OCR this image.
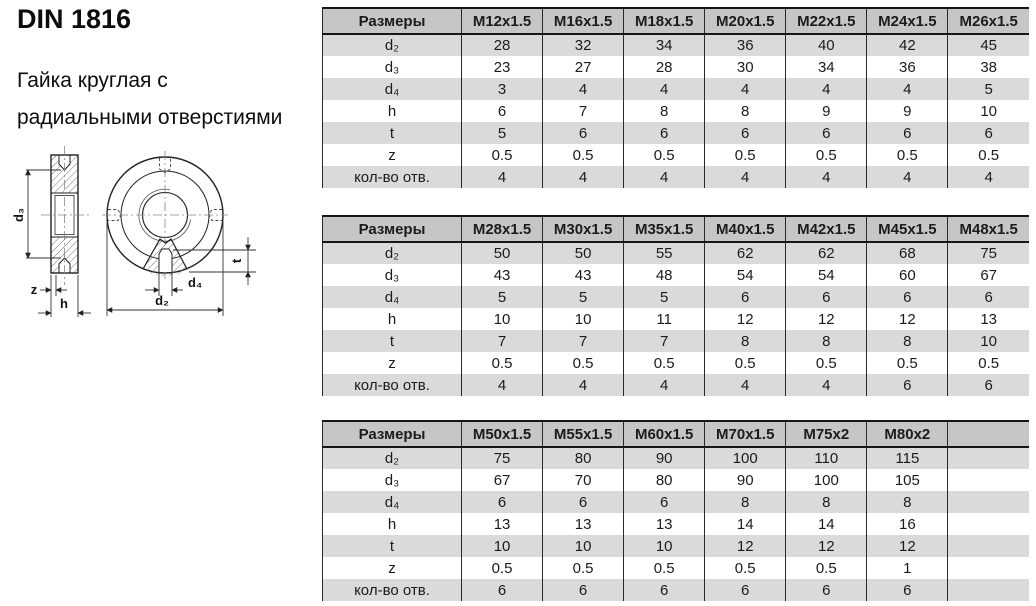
DIN 1816
Гайка круглая с
радиальными отверстиями
d₃
z
h
d₄
d₂
t
Размеры	M12x1.5	M16x1.5	M18x1.5	M20x1.5	M22x1.5	M24x1.5	M26x1.5
d₂	28	32	34	36	40	42	45
d₃	23	27	28	30	34	36	38
d₄	3	4	4	4	4	4	5
h	6	7	8	8	9	9	10
t	5	6	6	6	6	6	6
z	0.5	0.5	0.5	0.5	0.5	0.5	0.5
кол-во отв.	4	4	4	4	4	4	4
Размеры	M28x1.5	M30x1.5	M35x1.5	M40x1.5	M42x1.5	M45x1.5	M48x1.5
d₂	50	50	55	62	62	68	75
d₃	43	43	48	54	54	60	67
d₄	5	5	5	6	6	6	6
h	10	10	11	12	12	12	13
t	7	7	7	8	8	8	10
z	0.5	0.5	0.5	0.5	0.5	0.5	0.5
кол-во отв.	4	4	4	4	4	6	6
Размеры	M50x1.5	M55x1.5	M60x1.5	M70x1.5	M75x2	M80x2	
d₂	75	80	90	100	110	115	
d₃	67	70	80	90	100	105	
d₄	6	6	6	8	8	8	
h	13	13	13	14	14	16	
t	10	10	10	12	12	12	
z	0.5	0.5	0.5	0.5	0.5	1	
кол-во отв.	6	6	6	6	6	6	
